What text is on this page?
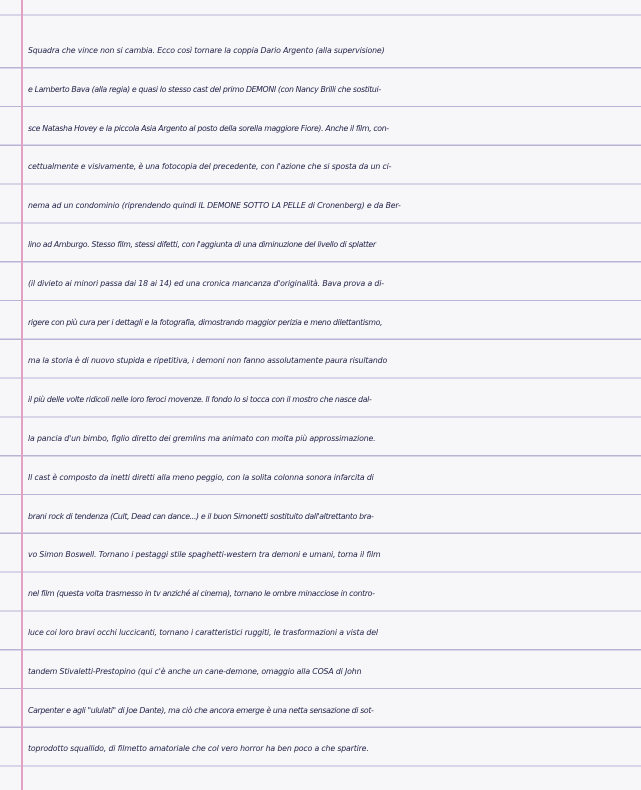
Squadra che vince non si cambia. Ecco così tornare la coppia Dario Argento (alla supervisione)
e Lamberto Bava (alla regia) e quasi lo stesso cast del primo DEMONI (con Nancy Brilli che sostitui-
sce Natasha Hovey e la piccola Asia Argento al posto della sorella maggiore Fiore). Anche il film, con-
cettualmente e visivamente, è una fotocopia del precedente, con l'azione che si sposta da un ci-
nema ad un condominio (riprendendo quindi IL DEMONE SOTTO LA PELLE di Cronenberg) e da Ber-
lino ad Amburgo. Stesso film, stessi difetti, con l'aggiunta di una diminuzione del livello di splatter
(il divieto ai minori passa dai 18 ai 14) ed una cronica mancanza d'originalità. Bava prova a di-
rigere con più cura per i dettagli e la fotografia, dimostrando maggior perizia e meno dilettantismo,
ma la storia è di nuovo stupida e ripetitiva, i demoni non fanno assolutamente paura risultando
il più delle volte ridicoli nelle loro feroci movenze. Il fondo lo si tocca con il mostro che nasce dal-
la pancia d'un bimbo, figlio diretto dei gremlins ma animato con molta più approssimazione.
Il cast è composto da inetti diretti alla meno peggio, con la solita colonna sonora infarcita di
brani rock di tendenza (Cult, Dead can dance...) e il buon Simonetti sostituito dall'altrettanto bra-
vo Simon Boswell. Tornano i pestaggi stile spaghetti-western tra demoni e umani, torna il film
nel film (questa volta trasmesso in tv anziché al cinema), tornano le ombre minacciose in contro-
luce coi loro bravi occhi luccicanti, tornano i caratteristici ruggiti, le trasformazioni a vista del
tandem Stivaletti-Prestopino (qui c'è anche un cane-demone, omaggio alla COSA di John
Carpenter e agli "ululati" di Joe Dante), ma ciò che ancora emerge è una netta sensazione di sot-
toprodotto squallido, di filmetto amatoriale che col vero horror ha ben poco a che spartire.
